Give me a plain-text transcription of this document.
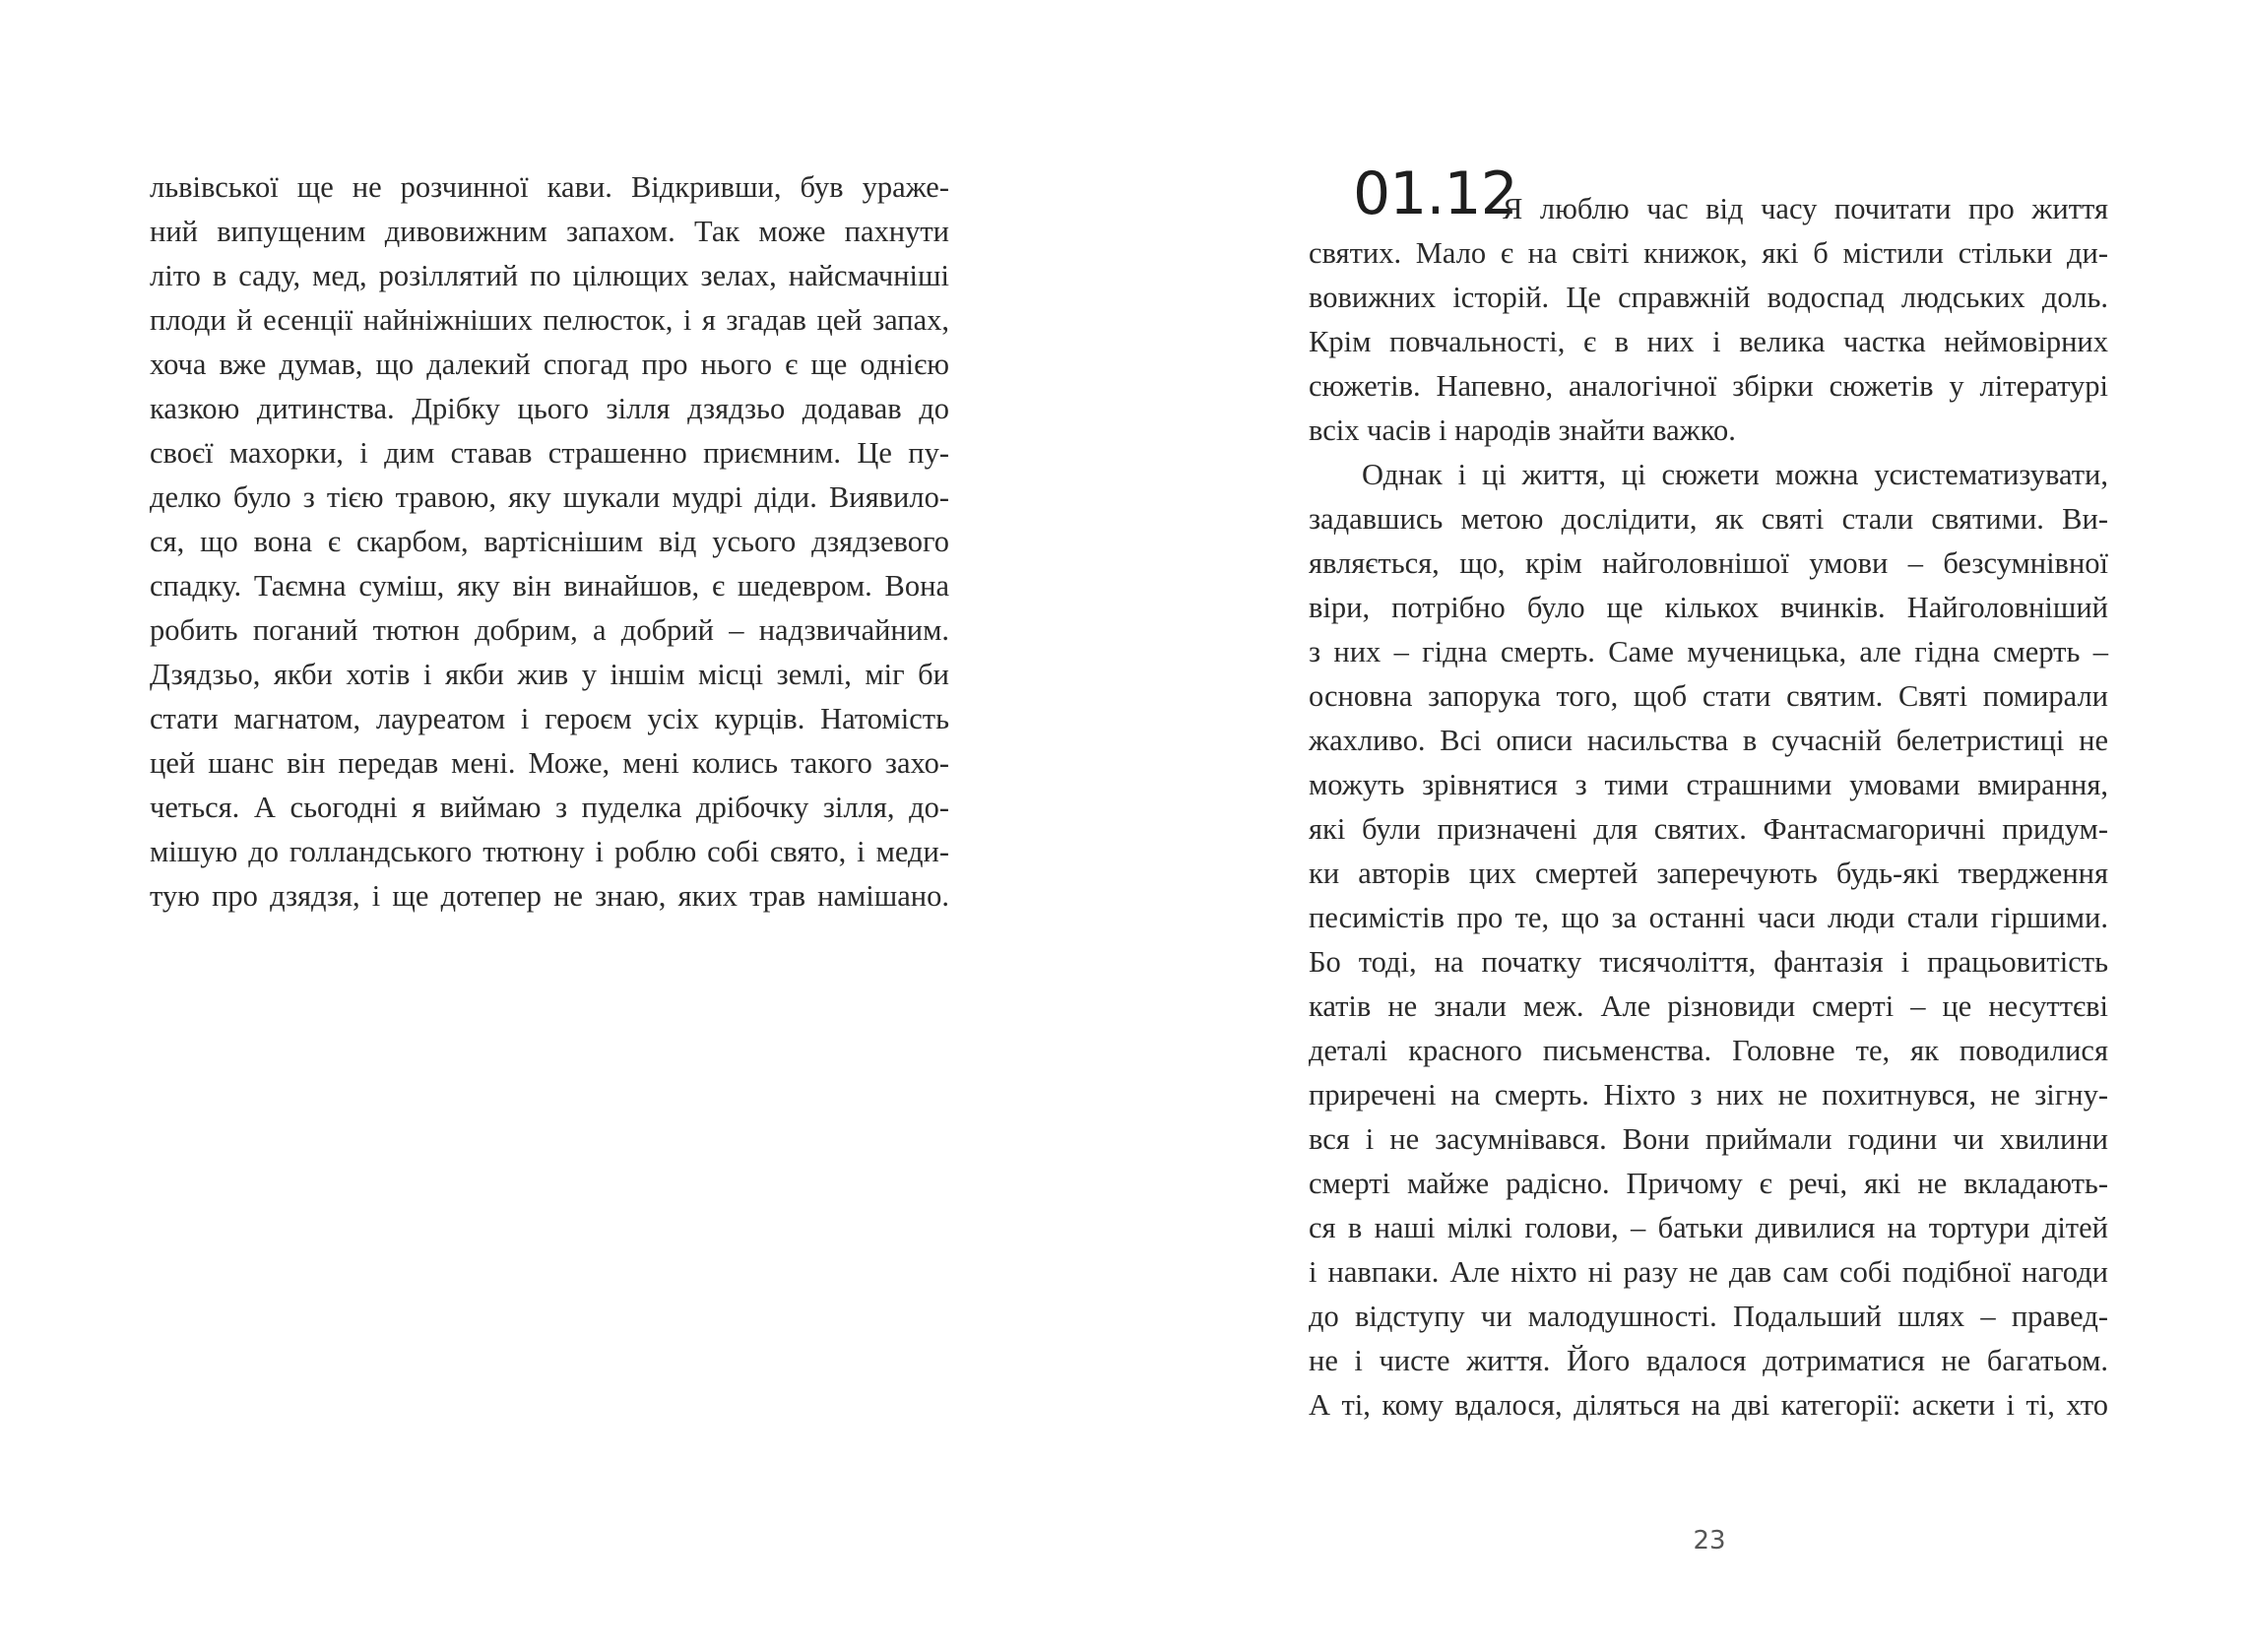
львівської ще не розчинної кави. Відкривши, був ураже-
ний випущеним дивовижним запахом. Так може пахнути
літо в саду, мед, розіллятий по цілющих зелах, найсмачніші
плоди й есенції найніжніших пелюсток, і я згадав цей запах,
хоча вже думав, що далекий спогад про нього є ще однією
казкою дитинства. Дрібку цього зілля дзядзьо додавав до
своєї махорки, і дим ставав страшенно приємним. Це пу-
делко було з тією травою, яку шукали мудрі діди. Виявило-
ся, що вона є скарбом, вартіснішим від усього дзядзевого
спадку. Таємна суміш, яку він винайшов, є шедевром. Вона
робить поганий тютюн добрим, а добрий – надзвичайним.
Дзядзьо, якби хотів і якби жив у іншім місці землі, міг би
стати магнатом, лауреатом і героєм усіх курців. Натомість
цей шанс він передав мені. Може, мені колись такого захо-
четься. А сьогодні я виймаю з пуделка дрібочку зілля, до-
мішую до голландського тютюну і роблю собі свято, і меди-
тую про дзядзя, і ще дотепер не знаю, яких трав намішано.
01.12
Я люблю час від часу почитати про життя
святих. Мало є на світі книжок, які б містили стільки ди-
вовижних історій. Це справжній водоспад людських доль.
Крім повчальності, є в них і велика частка неймовірних
сюжетів. Напевно, аналогічної збірки сюжетів у літературі
всіх часів і народів знайти важко.
Однак і ці життя, ці сюжети можна усистематизувати,
задавшись метою дослідити, як святі стали святими. Ви-
являється, що, крім найголовнішої умови – безсумнівної
віри, потрібно було ще кількох вчинків. Найголовніший
з них – гідна смерть. Саме мученицька, але гідна смерть –
основна запорука того, щоб стати святим. Святі помирали
жахливо. Всі описи насильства в сучасній белетристиці не
можуть зрівнятися з тими страшними умовами вмирання,
які були призначені для святих. Фантасмагоричні придум-
ки авторів цих смертей заперечують будь-які твердження
песимістів про те, що за останні часи люди стали гіршими.
Бо тоді, на початку тисячоліття, фантазія і працьовитість
катів не знали меж. Але різновиди смерті – це несуттєві
деталі красного письменства. Головне те, як поводилися
приречені на смерть. Ніхто з них не похитнувся, не зігну-
вся і не засумнівався. Вони приймали години чи хвилини
смерті майже радісно. Причому є речі, які не вкладають-
ся в наші мілкі голови, – батьки дивилися на тортури дітей
і навпаки. Але ніхто ні разу не дав сам собі подібної нагоди
до відступу чи малодушності. Подальший шлях – правед-
не і чисте життя. Його вдалося дотриматися не багатьом.
А ті, кому вдалося, діляться на дві категорії: аскети і ті, хто
23
